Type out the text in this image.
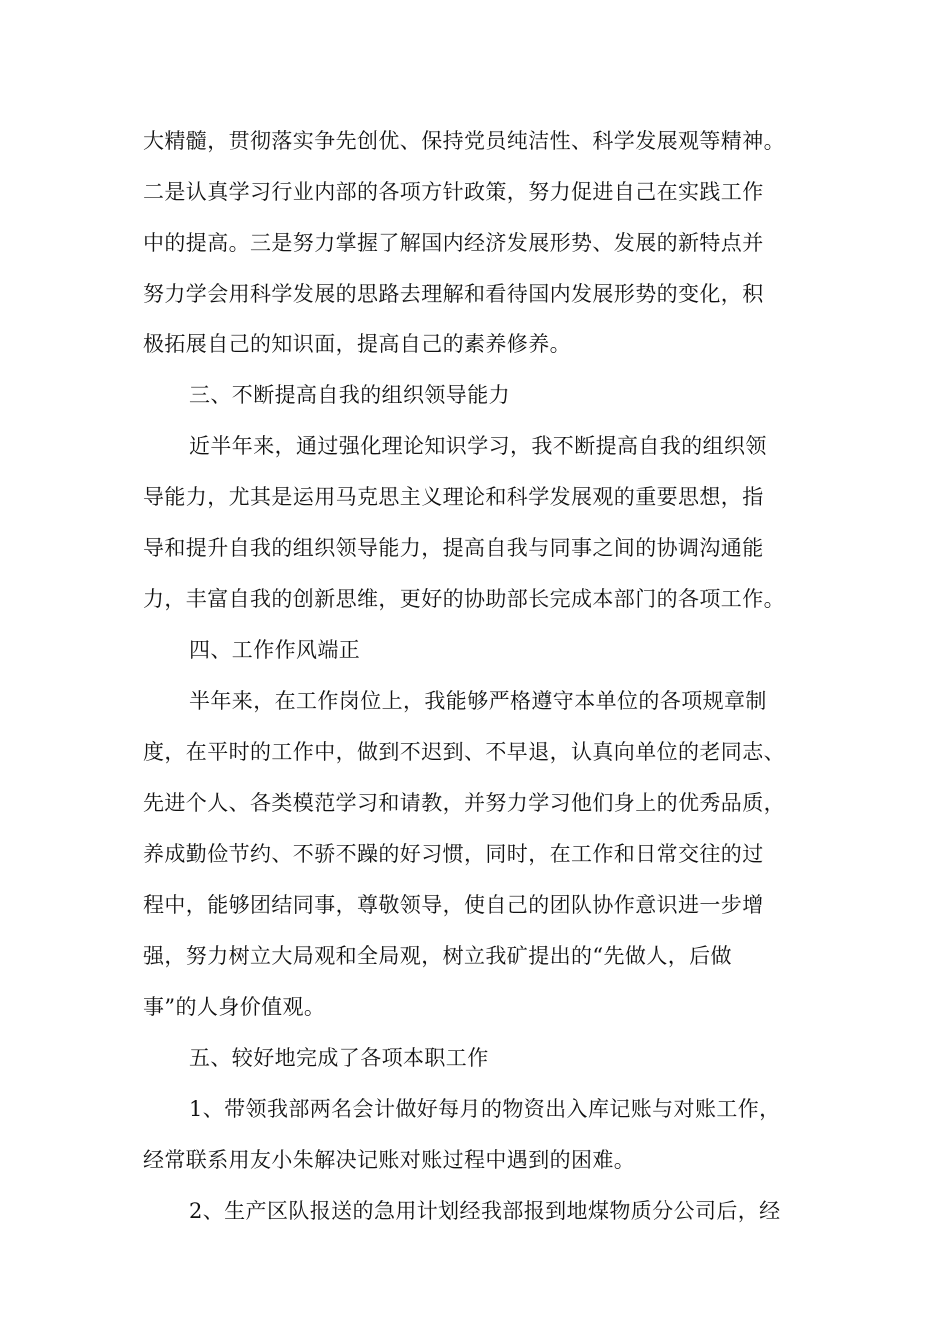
大精髓，贯彻落实争先创优、保持党员纯洁性、科学发展观等精神。
二是认真学习行业内部的各项方针政策，努力促进自己在实践工作
中的提高。三是努力掌握了解国内经济发展形势、发展的新特点并
努力学会用科学发展的思路去理解和看待国内发展形势的变化，积
极拓展自己的知识面，提高自己的素养修养。
三、不断提高自我的组织领导能力
近半年来，通过强化理论知识学习，我不断提高自我的组织领
导能力，尤其是运用马克思主义理论和科学发展观的重要思想，指
导和提升自我的组织领导能力，提高自我与同事之间的协调沟通能
力，丰富自我的创新思维，更好的协助部长完成本部门的各项工作。
四、工作作风端正
半年来，在工作岗位上，我能够严格遵守本单位的各项规章制
度，在平时的工作中，做到不迟到、不早退，认真向单位的老同志、
先进个人、各类模范学习和请教，并努力学习他们身上的优秀品质，
养成勤俭节约、不骄不躁的好习惯，同时，在工作和日常交往的过
程中，能够团结同事，尊敬领导，使自己的团队协作意识进一步增
强，努力树立大局观和全局观，树立我矿提出的“先做人，后做
事”的人身价值观。
五、较好地完成了各项本职工作
1、带领我部两名会计做好每月的物资出入库记账与对账工作，
经常联系用友小朱解决记账对账过程中遇到的困难。
2、生产区队报送的急用计划经我部报到地煤物质分公司后，经
